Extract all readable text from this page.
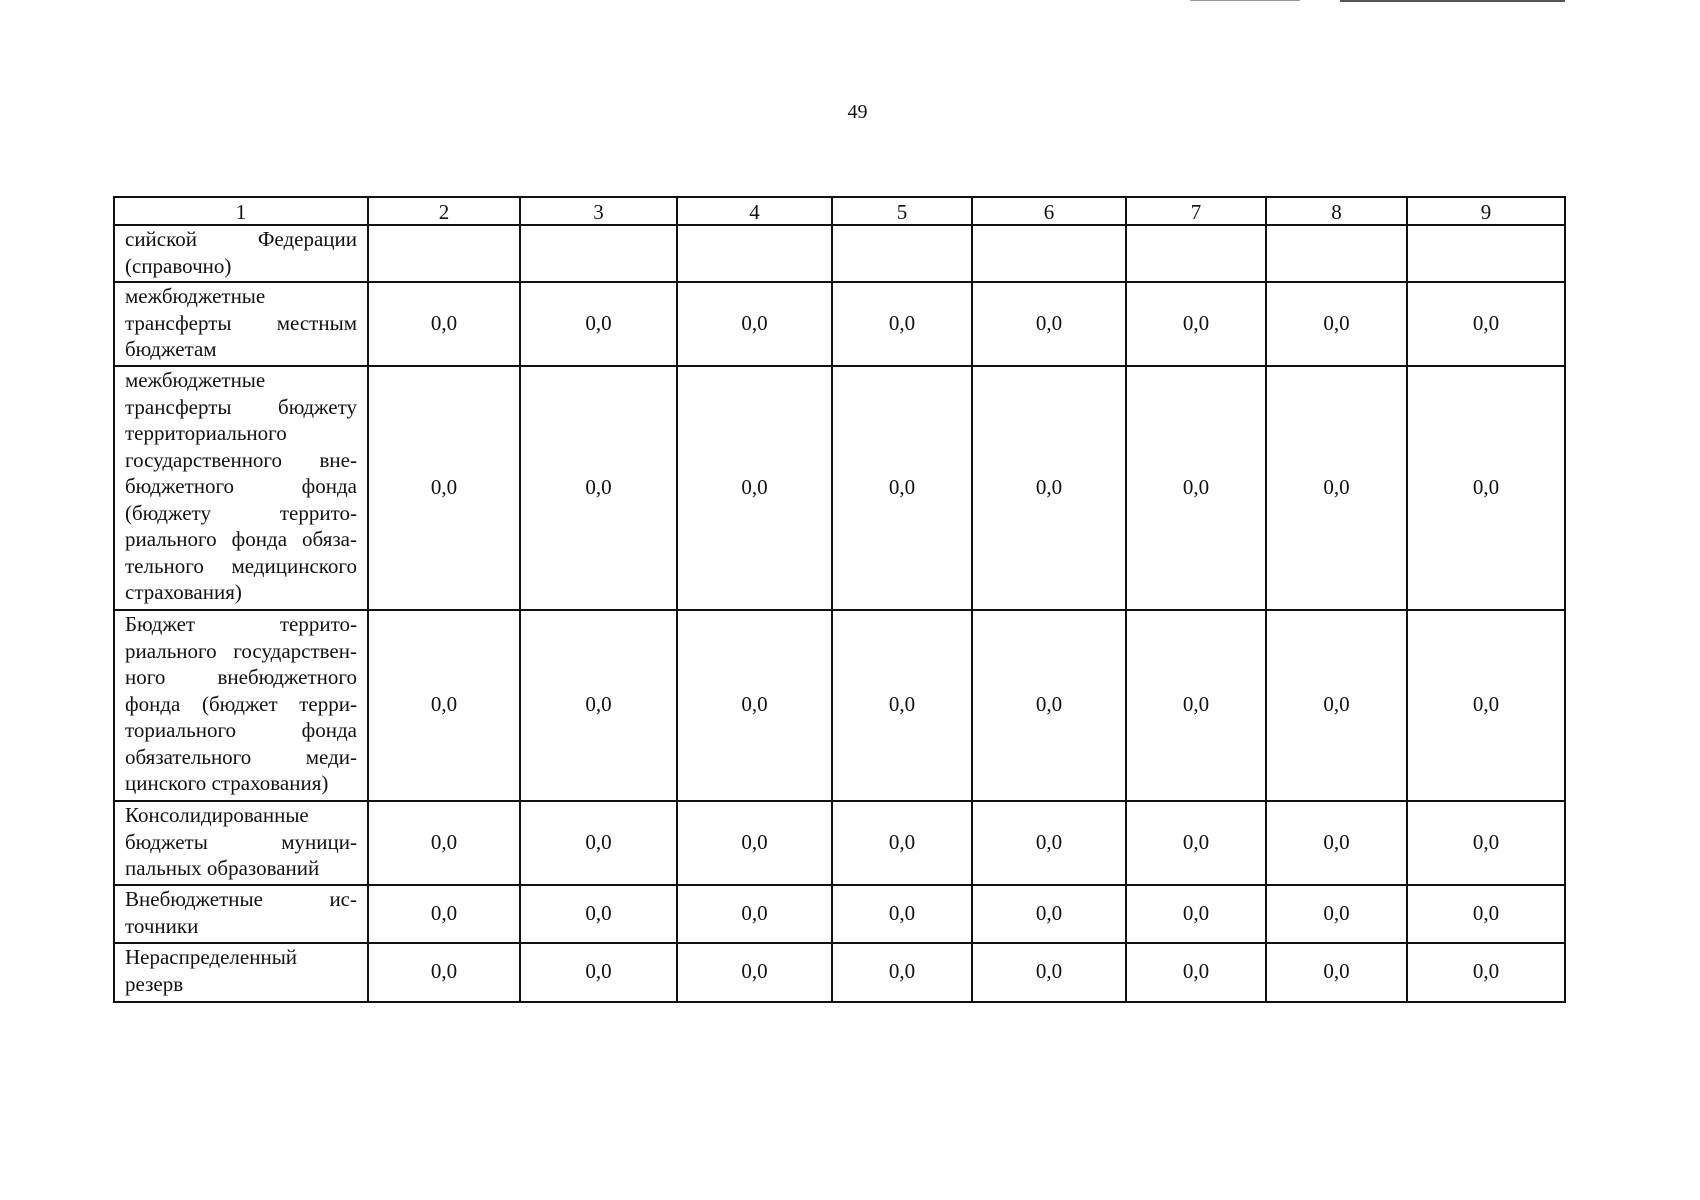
49
1	2	3	4	5	6	7	8	9
сийской Федерации (справочно)								
межбюджетные трансферты местным бюджетам	0,0	0,0	0,0	0,0	0,0	0,0	0,0	0,0
межбюджетные трансферты бюджету территориального государственного внебюджетного фонда (бюджету территориального фонда обязательного медицинского страхования)	0,0	0,0	0,0	0,0	0,0	0,0	0,0	0,0
Бюджет территориального государственного внебюджетного фонда (бюджет территориального фонда обязательного медицинского страхования)	0,0	0,0	0,0	0,0	0,0	0,0	0,0	0,0
Консолидированные бюджеты муниципальных образований	0,0	0,0	0,0	0,0	0,0	0,0	0,0	0,0
Внебюджетные источники	0,0	0,0	0,0	0,0	0,0	0,0	0,0	0,0
Нераспределенный резерв	0,0	0,0	0,0	0,0	0,0	0,0	0,0	0,0
